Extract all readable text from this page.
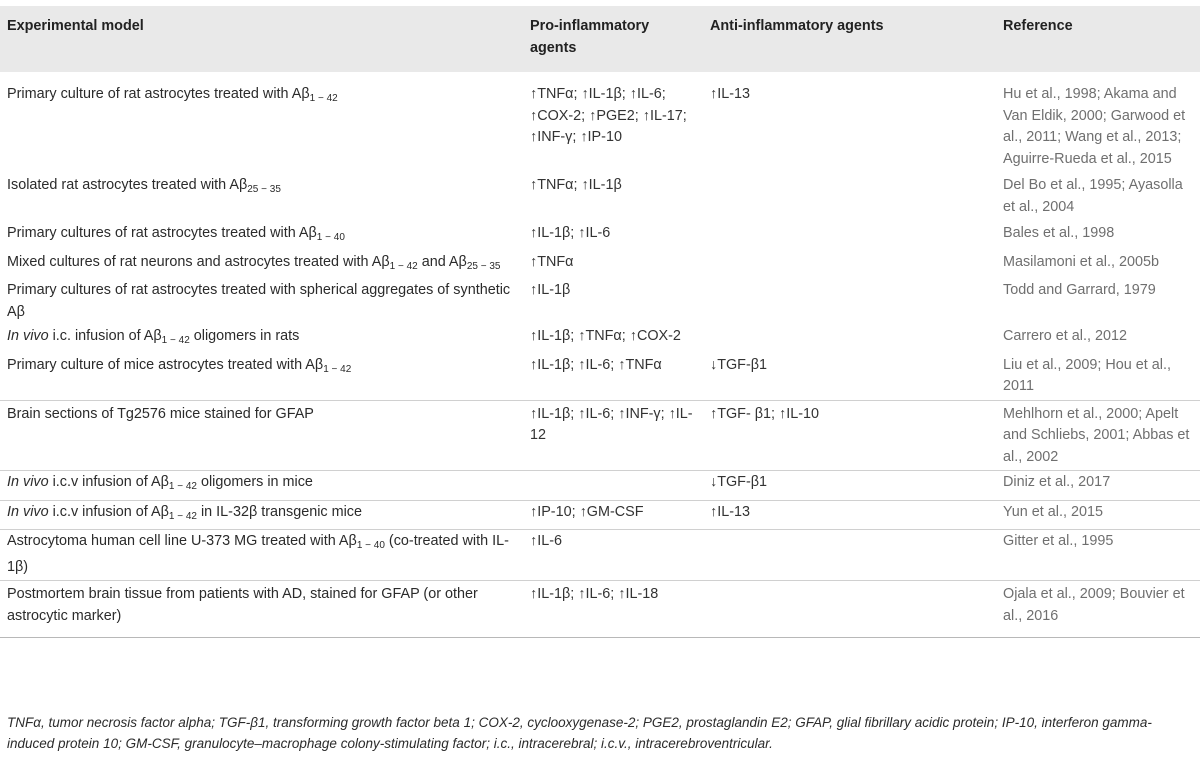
Experimental model	Pro-inflammatory agents	Anti-inflammatory agents	Reference
Primary culture of rat astrocytes treated with $A\beta_{1 - 42}$	↑TNFα; ↑IL-1β; ↑IL-6; ↑COX-2; ↑PGE2; ↑IL-17; ↑INF-γ; ↑IP-10	↑IL-13	Hu et al., 1998; Akama and Van Eldik, 2000; Garwood et al., 2011; Wang et al., 2013; Aguirre-Rueda et al., 2015
Isolated rat astrocytes treated with $A\beta_{25 - 35}$	↑TNFα; ↑IL-1β		Del Bo et al., 1995; Ayasolla et al., 2004
Primary cultures of rat astrocytes treated with $A\beta_{1 - 40}$	↑IL-1β; ↑IL-6		Bales et al., 1998
Mixed cultures of rat neurons and astrocytes treated with $A\beta_{1 - 42}$ and $A\beta_{25 - 35}$	↑TNFα		Masilamoni et al., 2005b
Primary cultures of rat astrocytes treated with spherical aggregates of synthetic Aβ	↑IL-1β		Todd and Garrard, 1979
In vivo i.c. infusion of $A\beta_{1 - 42}$ oligomers in rats	↑IL-1β; ↑TNFα; ↑COX-2		Carrero et al., 2012
Primary culture of mice astrocytes treated with $A\beta_{1 - 42}$	↑IL-1β; ↑IL-6; ↑TNFα	↓TGF-β1	Liu et al., 2009; Hou et al., 2011
Brain sections of Tg2576 mice stained for GFAP	↑IL-1β; ↑IL-6; ↑INF-γ; ↑IL-12	↑TGF- β1; ↑IL-10	Mehlhorn et al., 2000; Apelt and Schliebs, 2001; Abbas et al., 2002
In vivo i.c.v infusion of $A\beta_{1 - 42}$ oligomers in mice		↓TGF-β1	Diniz et al., 2017
In vivo i.c.v infusion of $A\beta_{1 - 42}$ in IL-32β transgenic mice	↑IP-10; ↑GM-CSF	↑IL-13	Yun et al., 2015
Astrocytoma human cell line U-373 MG treated with $A\beta_{1 - 40}$ (co-treated with IL-1β)	↑IL-6		Gitter et al., 1995
Postmortem brain tissue from patients with AD, stained for GFAP (or other astrocytic marker)	↑IL-1β; ↑IL-6; ↑IL-18		Ojala et al., 2009; Bouvier et al., 2016
TNFα, tumor necrosis factor alpha; TGF-β1, transforming growth factor beta 1; COX-2, cyclooxygenase-2; PGE2, prostaglandin E2; GFAP, glial fibrillary acidic protein; IP-10, interferon gamma-induced protein 10; GM-CSF, granulocyte–macrophage colony-stimulating factor; i.c., intracerebral; i.c.v., intracerebroventricular.
